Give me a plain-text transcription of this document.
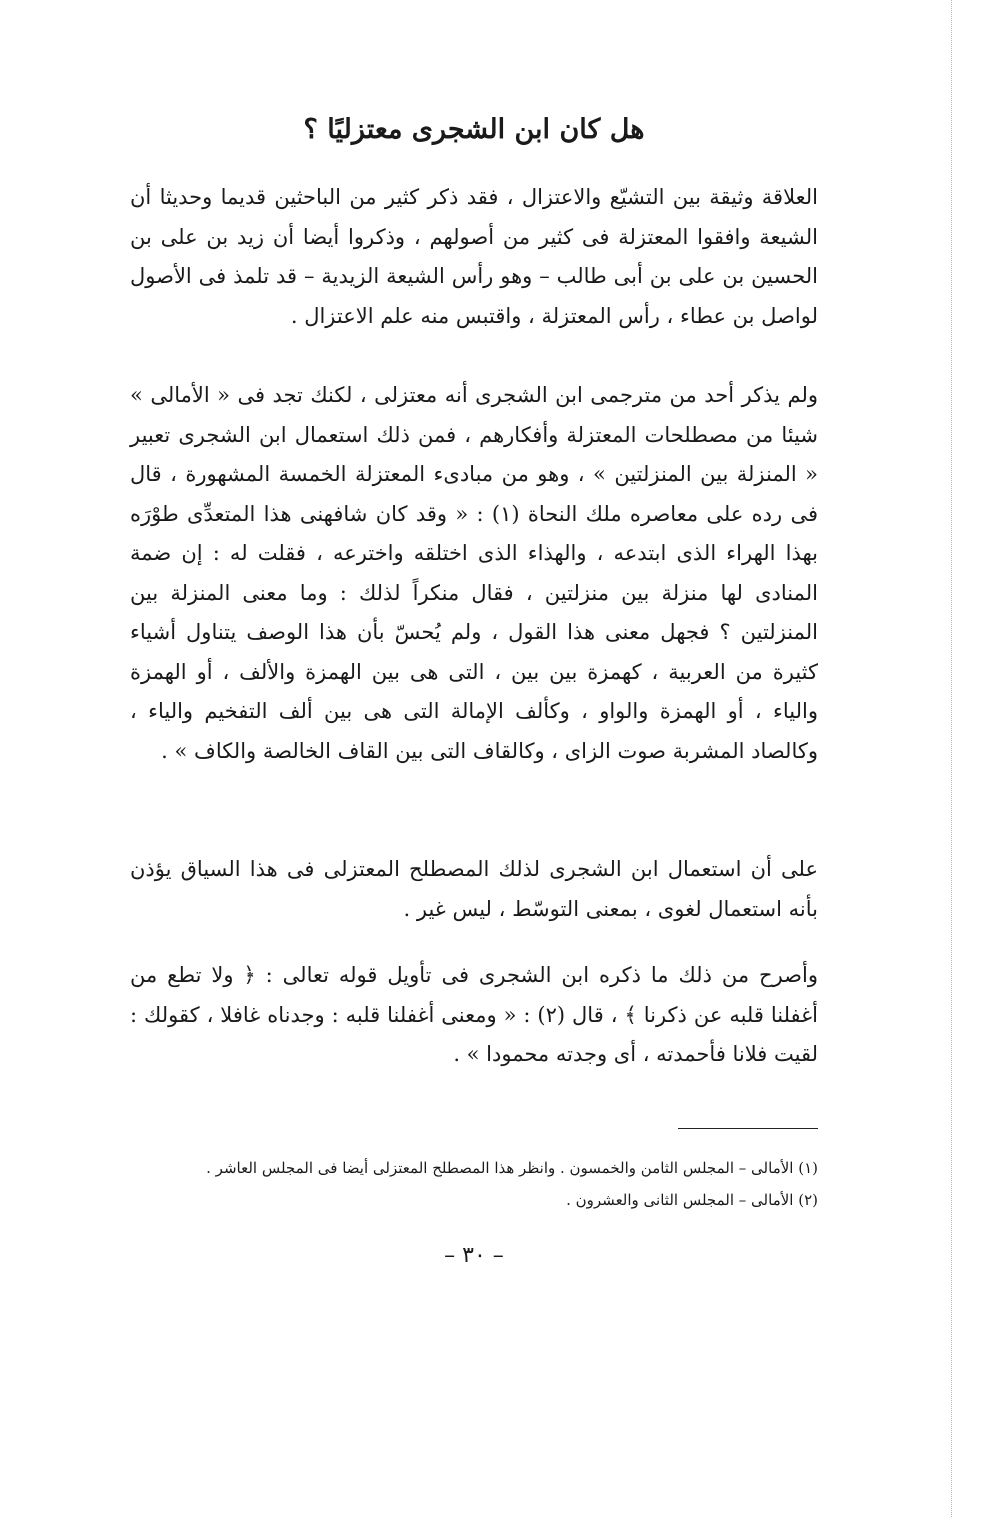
هل كان ابن الشجرى معتزليًا ؟

العلاقة وثيقة بين التشيّع والاعتزال ، فقد ذكر كثير من الباحثين قديما وحديثا أن الشيعة وافقوا المعتزلة فى كثير من أصولهم ، وذكروا أيضا أن زيد بن على بن الحسين بن على بن أبى طالب – وهو رأس الشيعة الزيدية – قد تلمذ فى الأصول لواصل بن عطاء ، رأس المعتزلة ، واقتبس منه علم الاعتزال .

ولم يذكر أحد من مترجمى ابن الشجرى أنه معتزلى ، لكنك تجد فى « الأمالى » شيئا من مصطلحات المعتزلة وأفكارهم ، فمن ذلك استعمال ابن الشجرى تعبير « المنزلة بين المنزلتين » ، وهو من مبادىء المعتزلة الخمسة المشهورة ، قال فى رده على معاصره ملك النحاة (١) : « وقد كان شافهنى هذا المتعدِّى طوْرَه بهذا الهراء الذى ابتدعه ، والهذاء الذى اختلقه واخترعه ، فقلت له : إن ضمة المنادى لها منزلة بين منزلتين ، فقال منكراً لذلك : وما معنى المنزلة بين المنزلتين ؟ فجهل معنى هذا القول ، ولم يُحسّ بأن هذا الوصف يتناول أشياء كثيرة من العربية ، كهمزة بين بين ، التى هى بين الهمزة والألف ، أو الهمزة والياء ، أو الهمزة والواو ، وكألف الإمالة التى هى بين ألف التفخيم والياء ، وكالصاد المشربة صوت الزاى ، وكالقاف التى بين القاف الخالصة والكاف » .

على أن استعمال ابن الشجرى لذلك المصطلح المعتزلى فى هذا السياق يؤذن بأنه استعمال لغوى ، بمعنى التوسّط ، ليس غير .

وأصرح من ذلك ما ذكره ابن الشجرى فى تأويل قوله تعالى : ﴿ ولا تطع من أغفلنا قلبه عن ذكرنا ﴾ ، قال (٢) : « ومعنى أغفلنا قلبه : وجدناه غافلا ، كقولك : لقيت فلانا فأحمدته ، أى وجدته محمودا » .

(١) الأمالى – المجلس الثامن والخمسون . وانظر هذا المصطلح المعتزلى أيضا فى المجلس العاشر .
(٢) الأمالى – المجلس الثانى والعشرون .
– ٣٠ –
